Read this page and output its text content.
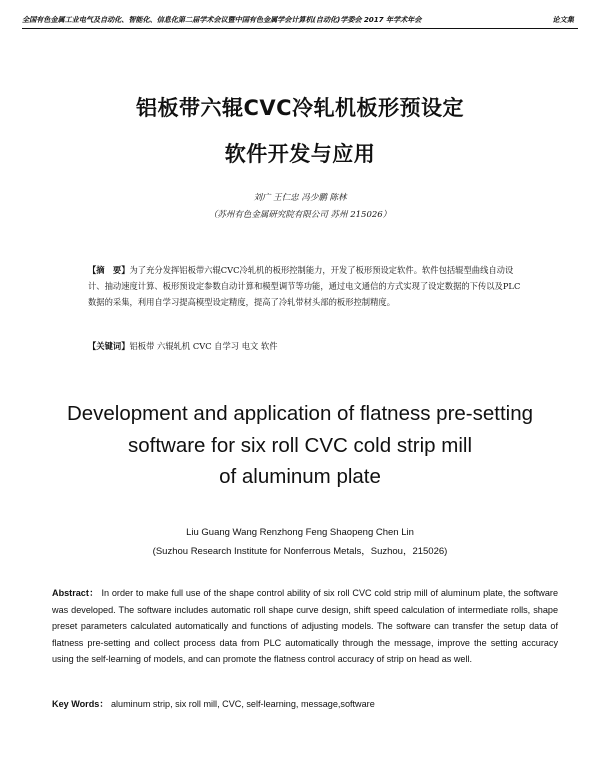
全国有色金属工业电气及自动化、智能化、信息化第二届学术会议暨中国有色金属学会计算机(自动化)学委会 2017 年学术年会	论文集
铝板带六辊CVC冷轧机板形预设定
软件开发与应用
刘广 王仁忠 冯少鹏 陈林
（苏州有色金属研究院有限公司 苏州 215026）
【摘　要】为了充分发挥铝板带六辊CVC冷轧机的板形控制能力，开发了板形预设定软件。软件包括辊型曲线自动设计、抽动速度计算、板形预设定参数自动计算和模型调节等功能，通过电文通信的方式实现了设定数据的下传以及PLC数据的采集，利用自学习提高模型设定精度，提高了冷轧带材头部的板形控制精度。
【关键词】铝板带 六辊轧机 CVC 自学习 电文 软件
Development and application of flatness pre-setting
software for six roll CVC cold strip mill
of aluminum plate
Liu Guang Wang Renzhong Feng Shaopeng Chen Lin
(Suzhou Research Institute for Nonferrous Metals，Suzhou，215026)
Abstract： In order to make full use of the shape control ability of six roll CVC cold strip mill of aluminum plate, the software was developed. The software includes automatic roll shape curve design, shift speed calculation of intermediate rolls, shape preset parameters calculated automatically and functions of adjusting models. The software can transfer the setup data of flatness pre-setting and collect process data from PLC automatically through the message, improve the setting accuracy using the self-learning of models, and can promote the flatness control accuracy of strip on head as well.
Key Words： aluminum strip, six roll mill, CVC, self-learning, message,software
